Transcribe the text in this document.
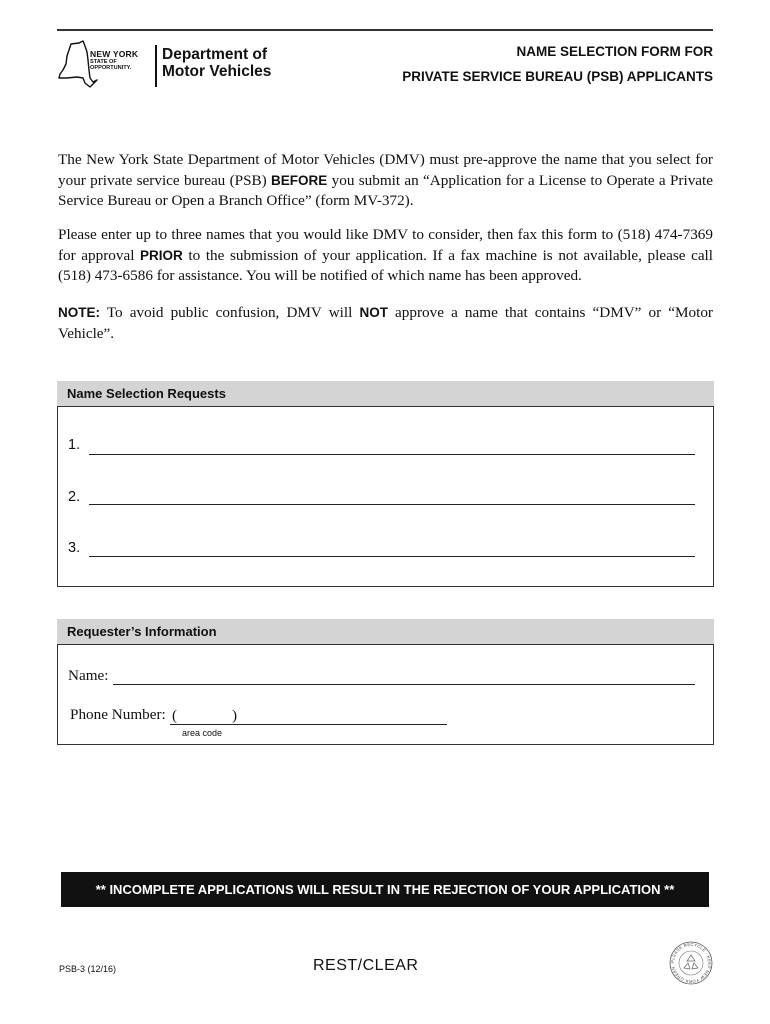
NEW YORK
STATE OF
OPPORTUNITY.
Department of
Motor Vehicles
NAME SELECTION FORM FOR
PRIVATE SERVICE BUREAU (PSB) APPLICANTS
The New York State Department of Motor Vehicles (DMV) must pre-approve the name that you select for your private service bureau (PSB) BEFORE you submit an “Application for a License to Operate a Private Service Bureau or Open a Branch Office” (form MV-372).
Please enter up to three names that you would like DMV to consider, then fax this form to (518) 474-7369 for approval PRIOR to the submission of your application. If a fax machine is not available, please call (518) 473-6586 for assistance. You will be notified of which name has been approved.
NOTE: To avoid public confusion, DMV will NOT approve a name that contains “DMV” or “Motor Vehicle”.
Name Selection Requests
1.
2.
3.
Requester’s Information
Name:
Phone Number: (	)
area code
** INCOMPLETE APPLICATIONS WILL RESULT IN THE REJECTION OF YOUR APPLICATION **
PSB-3 (12/16)	REST/CLEAR	PLEASE RECYCLE · KEEP NEW YORK GREEN ·
